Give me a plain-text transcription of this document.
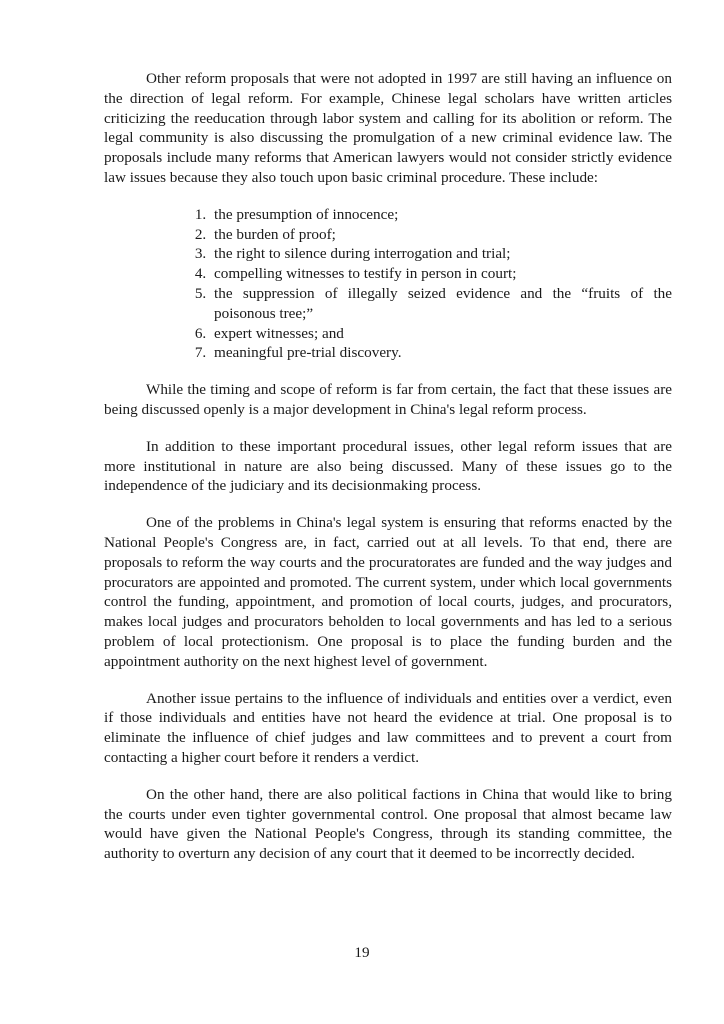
Other reform proposals that were not adopted in 1997 are still having an influence on the direction of legal reform. For example, Chinese legal scholars have written articles criticizing the reeducation through labor system and calling for its abolition or reform. The legal community is also discussing the promulgation of a new criminal evidence law. The proposals include many reforms that American lawyers would not consider strictly evidence law issues because they also touch upon basic criminal procedure. These include:

1. the presumption of innocence;
2. the burden of proof;
3. the right to silence during interrogation and trial;
4. compelling witnesses to testify in person in court;
5. the suppression of illegally seized evidence and the “fruits of the poisonous tree;”
6. expert witnesses; and
7. meaningful pre-trial discovery.

While the timing and scope of reform is far from certain, the fact that these issues are being discussed openly is a major development in China's legal reform process.

In addition to these important procedural issues, other legal reform issues that are more institutional in nature are also being discussed. Many of these issues go to the independence of the judiciary and its decisionmaking process.

One of the problems in China's legal system is ensuring that reforms enacted by the National People's Congress are, in fact, carried out at all levels. To that end, there are proposals to reform the way courts and the procuratorates are funded and the way judges and procurators are appointed and promoted. The current system, under which local governments control the funding, appointment, and promotion of local courts, judges, and procurators, makes local judges and procurators beholden to local governments and has led to a serious problem of local protectionism. One proposal is to place the funding burden and the appointment authority on the next highest level of government.

Another issue pertains to the influence of individuals and entities over a verdict, even if those individuals and entities have not heard the evidence at trial. One proposal is to eliminate the influence of chief judges and law committees and to prevent a court from contacting a higher court before it renders a verdict.

On the other hand, there are also political factions in China that would like to bring the courts under even tighter governmental control. One proposal that almost became law would have given the National People's Congress, through its standing committee, the authority to overturn any decision of any court that it deemed to be incorrectly decided.

19
